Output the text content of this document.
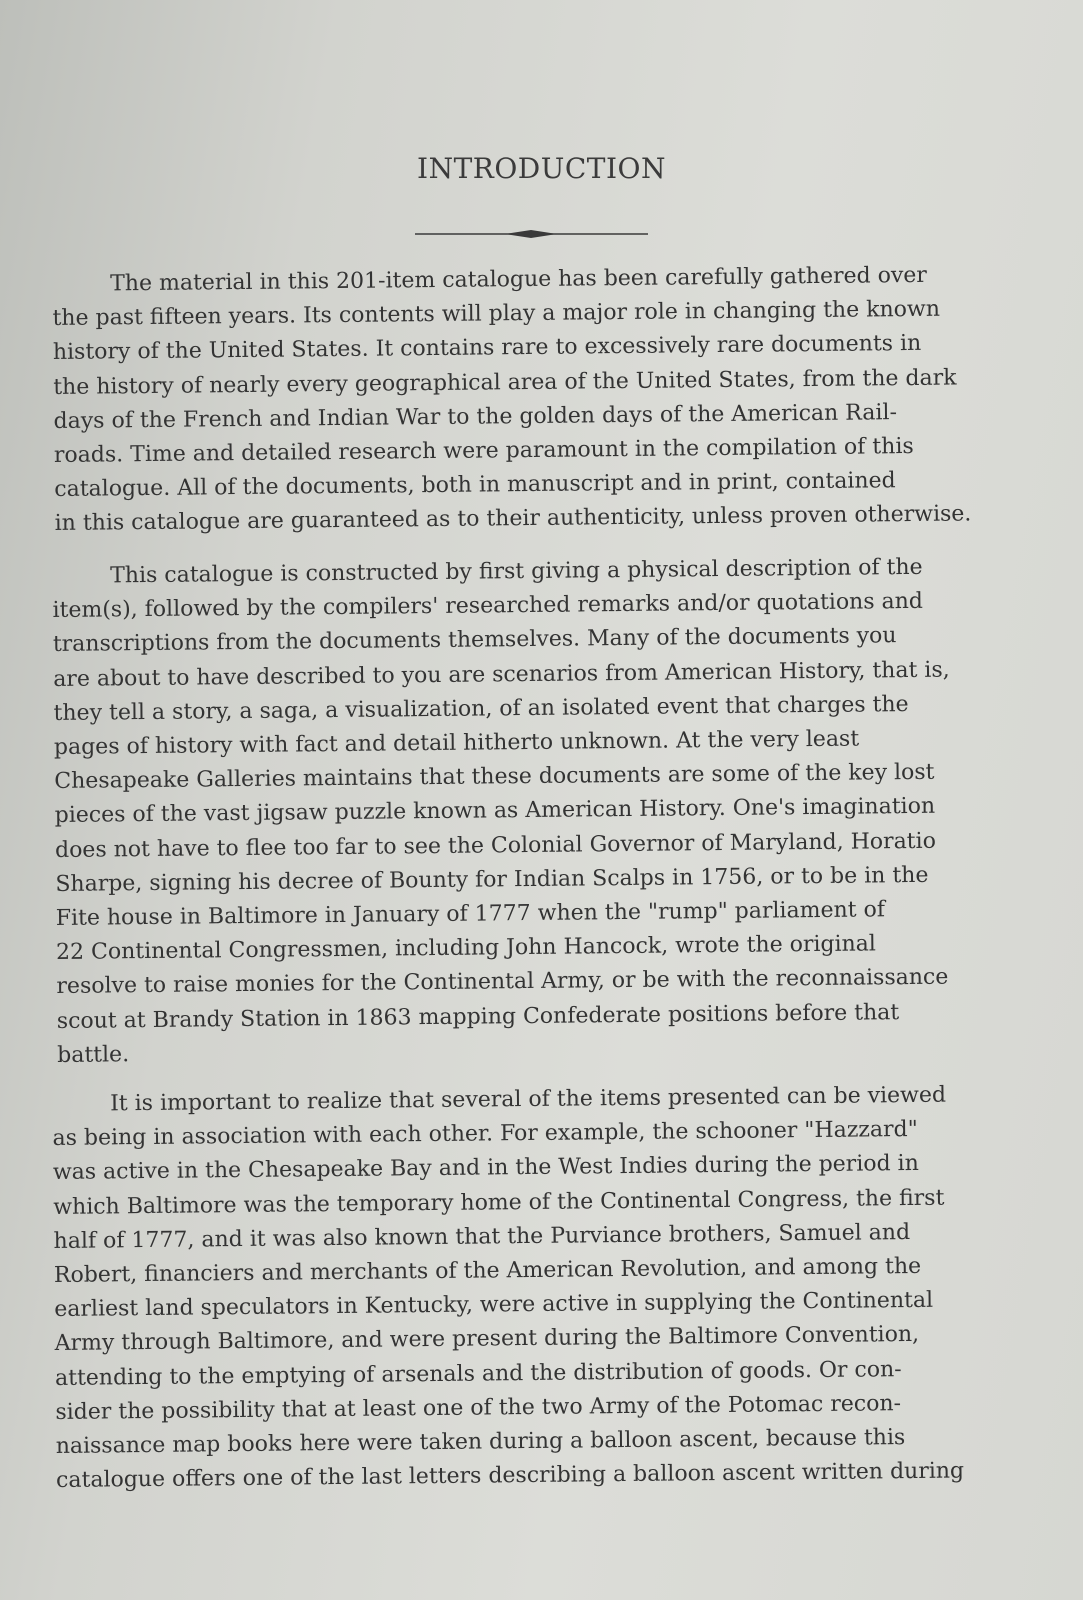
INTRODUCTION
The material in this 201-item catalogue has been carefully gathered over
the past fifteen years. Its contents will play a major role in changing the known
history of the United States. It contains rare to excessively rare documents in
the history of nearly every geographical area of the United States, from the dark
days of the French and Indian War to the golden days of the American Rail-
roads. Time and detailed research were paramount in the compilation of this
catalogue. All of the documents, both in manuscript and in print, contained
in this catalogue are guaranteed as to their authenticity, unless proven otherwise.
This catalogue is constructed by first giving a physical description of the
item(s), followed by the compilers' researched remarks and/or quotations and
transcriptions from the documents themselves. Many of the documents you
are about to have described to you are scenarios from American History, that is,
they tell a story, a saga, a visualization, of an isolated event that charges the
pages of history with fact and detail hitherto unknown. At the very least
Chesapeake Galleries maintains that these documents are some of the key lost
pieces of the vast jigsaw puzzle known as American History. One's imagination
does not have to flee too far to see the Colonial Governor of Maryland, Horatio
Sharpe, signing his decree of Bounty for Indian Scalps in 1756, or to be in the
Fite house in Baltimore in January of 1777 when the "rump" parliament of
22 Continental Congressmen, including John Hancock, wrote the original
resolve to raise monies for the Continental Army, or be with the reconnaissance
scout at Brandy Station in 1863 mapping Confederate positions before that
battle.
It is important to realize that several of the items presented can be viewed
as being in association with each other. For example, the schooner "Hazzard"
was active in the Chesapeake Bay and in the West Indies during the period in
which Baltimore was the temporary home of the Continental Congress, the first
half of 1777, and it was also known that the Purviance brothers, Samuel and
Robert, financiers and merchants of the American Revolution, and among the
earliest land speculators in Kentucky, were active in supplying the Continental
Army through Baltimore, and were present during the Baltimore Convention,
attending to the emptying of arsenals and the distribution of goods. Or con-
sider the possibility that at least one of the two Army of the Potomac recon-
naissance map books here were taken during a balloon ascent, because this
catalogue offers one of the last letters describing a balloon ascent written during
